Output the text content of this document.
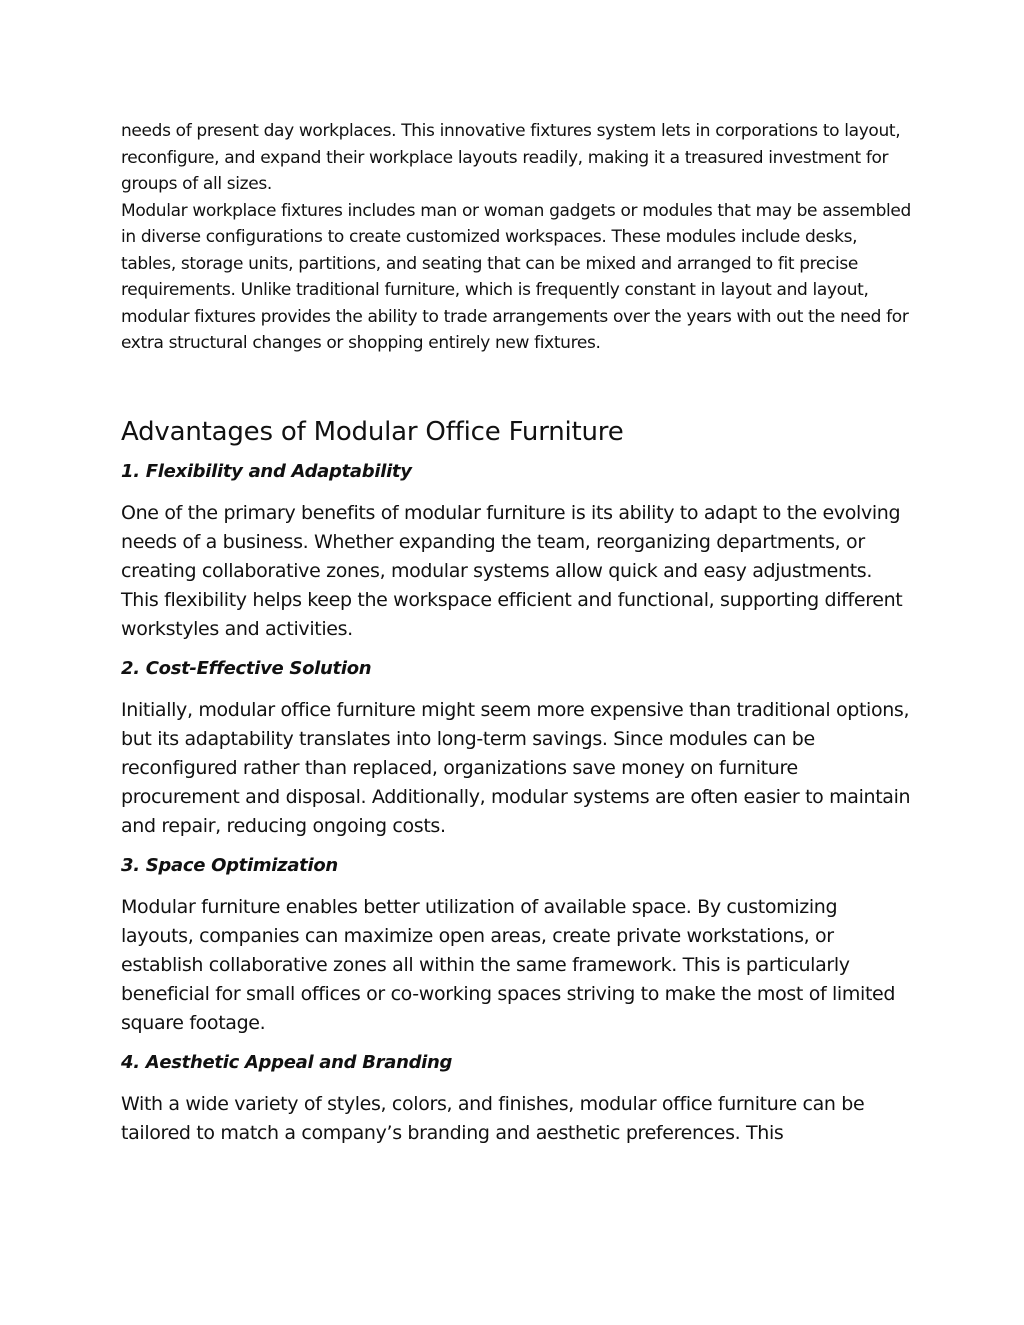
needs of present day workplaces. This innovative fixtures system lets in corporations to layout, reconfigure, and expand their workplace layouts readily, making it a treasured investment for groups of all sizes.

Modular workplace fixtures includes man or woman gadgets or modules that may be assembled in diverse configurations to create customized workspaces. These modules include desks, tables, storage units, partitions, and seating that can be mixed and arranged to fit precise requirements. Unlike traditional furniture, which is frequently constant in layout and layout, modular fixtures provides the ability to trade arrangements over the years with out the need for extra structural changes or shopping entirely new fixtures.

Advantages of Modular Office Furniture
1. Flexibility and Adaptability

One of the primary benefits of modular furniture is its ability to adapt to the evolving needs of a business. Whether expanding the team, reorganizing departments, or creating collaborative zones, modular systems allow quick and easy adjustments. This flexibility helps keep the workspace efficient and functional, supporting different workstyles and activities.

2. Cost-Effective Solution

Initially, modular office furniture might seem more expensive than traditional options, but its adaptability translates into long-term savings. Since modules can be reconfigured rather than replaced, organizations save money on furniture procurement and disposal. Additionally, modular systems are often easier to maintain and repair, reducing ongoing costs.

3. Space Optimization

Modular furniture enables better utilization of available space. By customizing layouts, companies can maximize open areas, create private workstations, or establish collaborative zones all within the same framework. This is particularly beneficial for small offices or co-working spaces striving to make the most of limited square footage.

4. Aesthetic Appeal and Branding

With a wide variety of styles, colors, and finishes, modular office furniture can be tailored to match a company’s branding and aesthetic preferences. This
